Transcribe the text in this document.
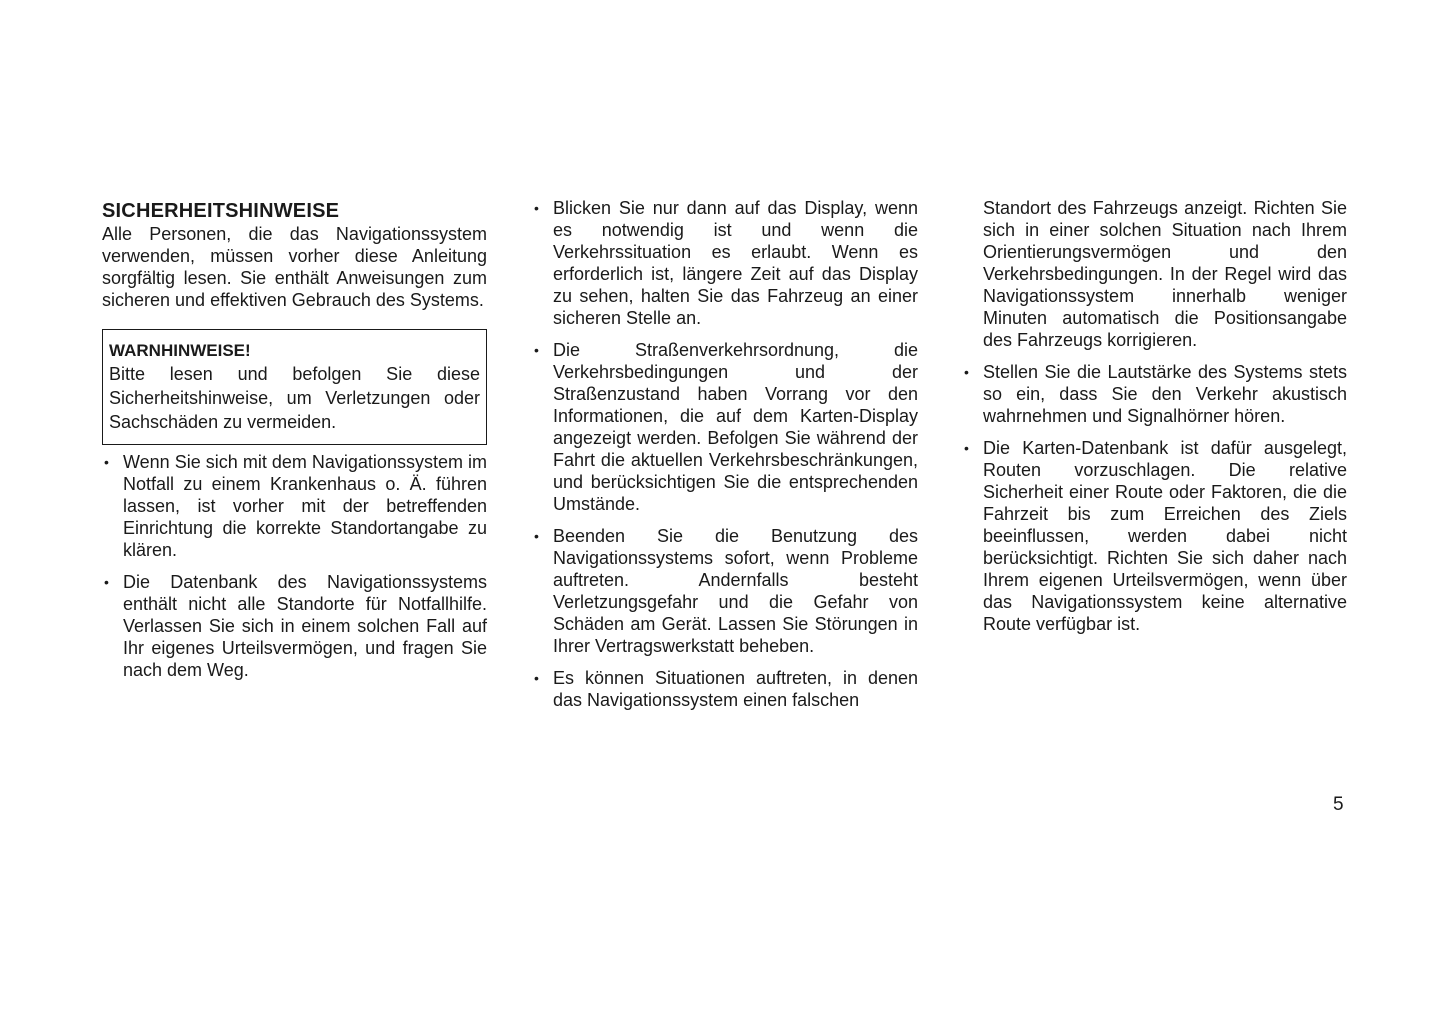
SICHERHEITSHINWEISE

Alle Personen, die das Navigationssystem verwenden, müssen vorher diese Anleitung sorgfältig lesen. Sie enthält Anweisungen zum sicheren und effektiven Gebrauch des Systems.

WARNHINWEISE!

Bitte lesen und befolgen Sie diese Sicherheitshinweise, um Verletzungen oder Sachschäden zu vermeiden.

• Wenn Sie sich mit dem Navigationssystem im Notfall zu einem Krankenhaus o. Ä. führen lassen, ist vorher mit der betreffenden Einrichtung die korrekte Standortangabe zu klären.
• Die Datenbank des Navigationssystems enthält nicht alle Standorte für Notfallhilfe. Verlassen Sie sich in einem solchen Fall auf Ihr eigenes Urteilsvermögen, und fragen Sie nach dem Weg.
• Blicken Sie nur dann auf das Display, wenn es notwendig ist und wenn die Verkehrssituation es erlaubt. Wenn es erforderlich ist, längere Zeit auf das Display zu sehen, halten Sie das Fahrzeug an einer sicheren Stelle an.
• Die Straßenverkehrsordnung, die Verkehrsbedingungen und der Straßenzustand haben Vorrang vor den Informationen, die auf dem Karten-Display angezeigt werden. Befolgen Sie während der Fahrt die aktuellen Verkehrsbeschränkungen, und berücksichtigen Sie die entsprechenden Umstände.
• Beenden Sie die Benutzung des Navigationssystems sofort, wenn Probleme auftreten. Andernfalls besteht Verletzungsgefahr und die Gefahr von Schäden am Gerät. Lassen Sie Störungen in Ihrer Vertragswerkstatt beheben.
• Es können Situationen auftreten, in denen das Navigationssystem einen falschen

Standort des Fahrzeugs anzeigt. Richten Sie sich in einer solchen Situation nach Ihrem Orientierungsvermögen und den Verkehrsbedingungen. In der Regel wird das Navigationssystem innerhalb weniger Minuten automatisch die Positionsangabe des Fahrzeugs korrigieren.

• Stellen Sie die Lautstärke des Systems stets so ein, dass Sie den Verkehr akustisch wahrnehmen und Signalhörner hören.
• Die Karten-Datenbank ist dafür ausgelegt, Routen vorzuschlagen. Die relative Sicherheit einer Route oder Faktoren, die die Fahrzeit bis zum Erreichen des Ziels beeinflussen, werden dabei nicht berücksichtigt. Richten Sie sich daher nach Ihrem eigenen Urteilsvermögen, wenn über das Navigationssystem keine alternative Route verfügbar ist.
5
